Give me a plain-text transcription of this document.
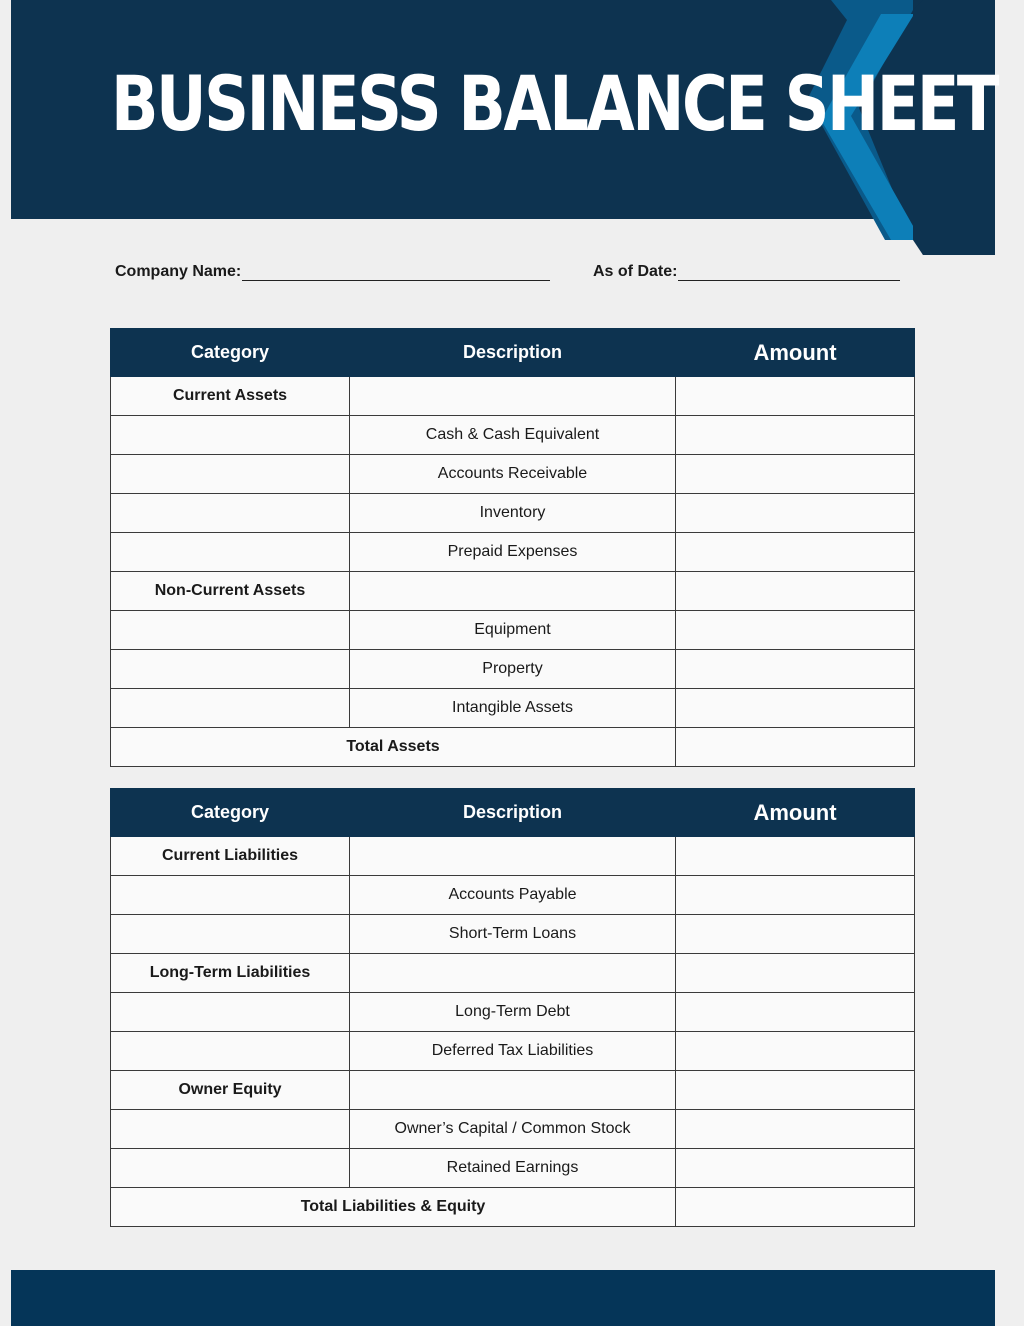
BUSINESS BALANCE SHEET
Company Name:	As of Date:
Category	Description	Amount
Current Assets		
	Cash & Cash Equivalent	
	Accounts Receivable	
	Inventory	
	Prepaid Expenses	
Non-Current Assets		
	Equipment	
	Property	
	Intangible Assets	
Total Assets		
Category	Description	Amount
Current Liabilities		
	Accounts Payable	
	Short-Term Loans	
Long-Term Liabilities		
	Long-Term Debt	
	Deferred Tax Liabilities	
Owner Equity		
	Owner’s Capital / Common Stock	
	Retained Earnings	
Total Liabilities & Equity		
